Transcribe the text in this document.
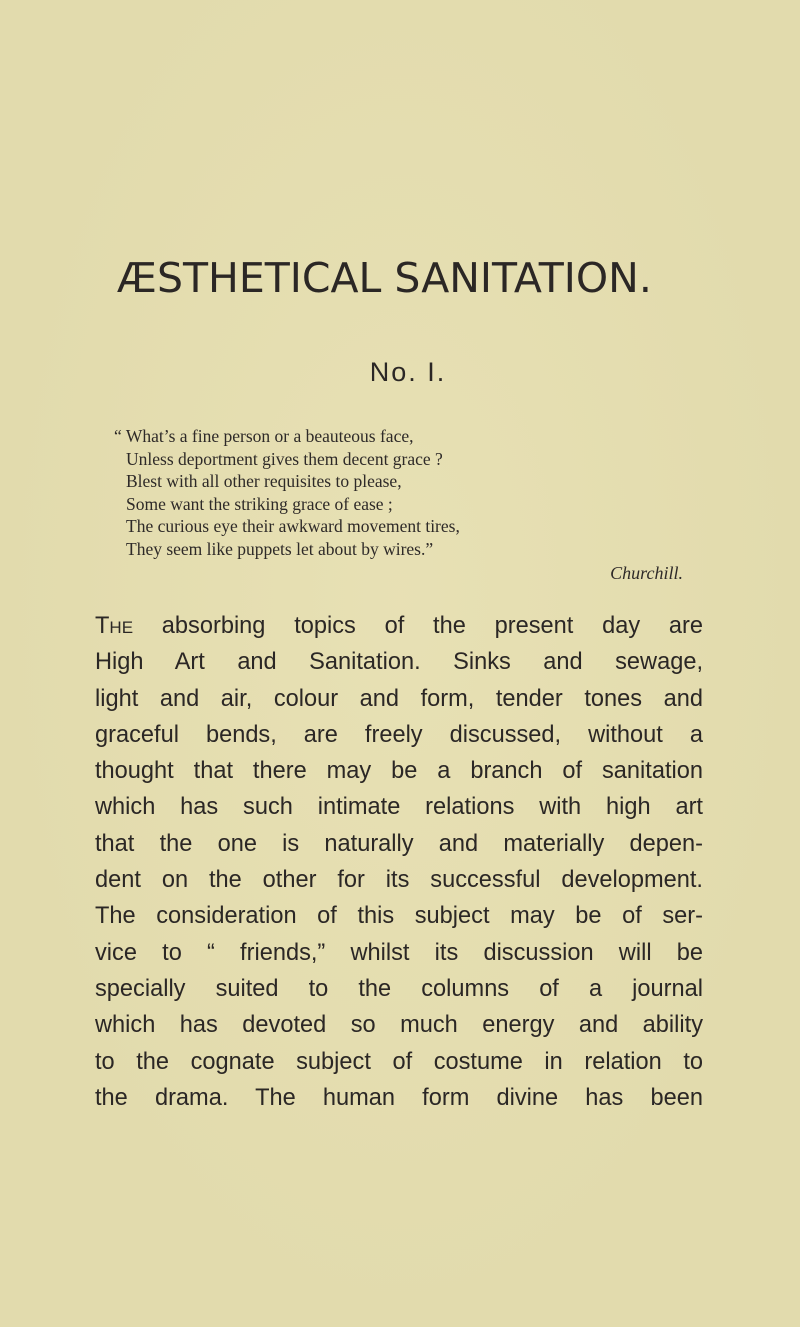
ÆSTHETICAL SANITATION.
No. I.
“ What’s a fine person or a beauteous face,
Unless deportment gives them decent grace ?
Blest with all other requisites to please,
Some want the striking grace of ease ;
The curious eye their awkward movement tires,
They seem like puppets let about by wires.”
Churchill.
The absorbing topics of the present day are
High Art and Sanitation. Sinks and sewage,
light and air, colour and form, tender tones and
graceful bends, are freely discussed, without a
thought that there may be a branch of sanitation
which has such intimate relations with high art
that the one is naturally and materially depen-
dent on the other for its successful development.
The consideration of this subject may be of ser-
vice to “ friends,” whilst its discussion will be
specially suited to the columns of a journal
which has devoted so much energy and ability
to the cognate subject of costume in relation to
the drama. The human form divine has been
